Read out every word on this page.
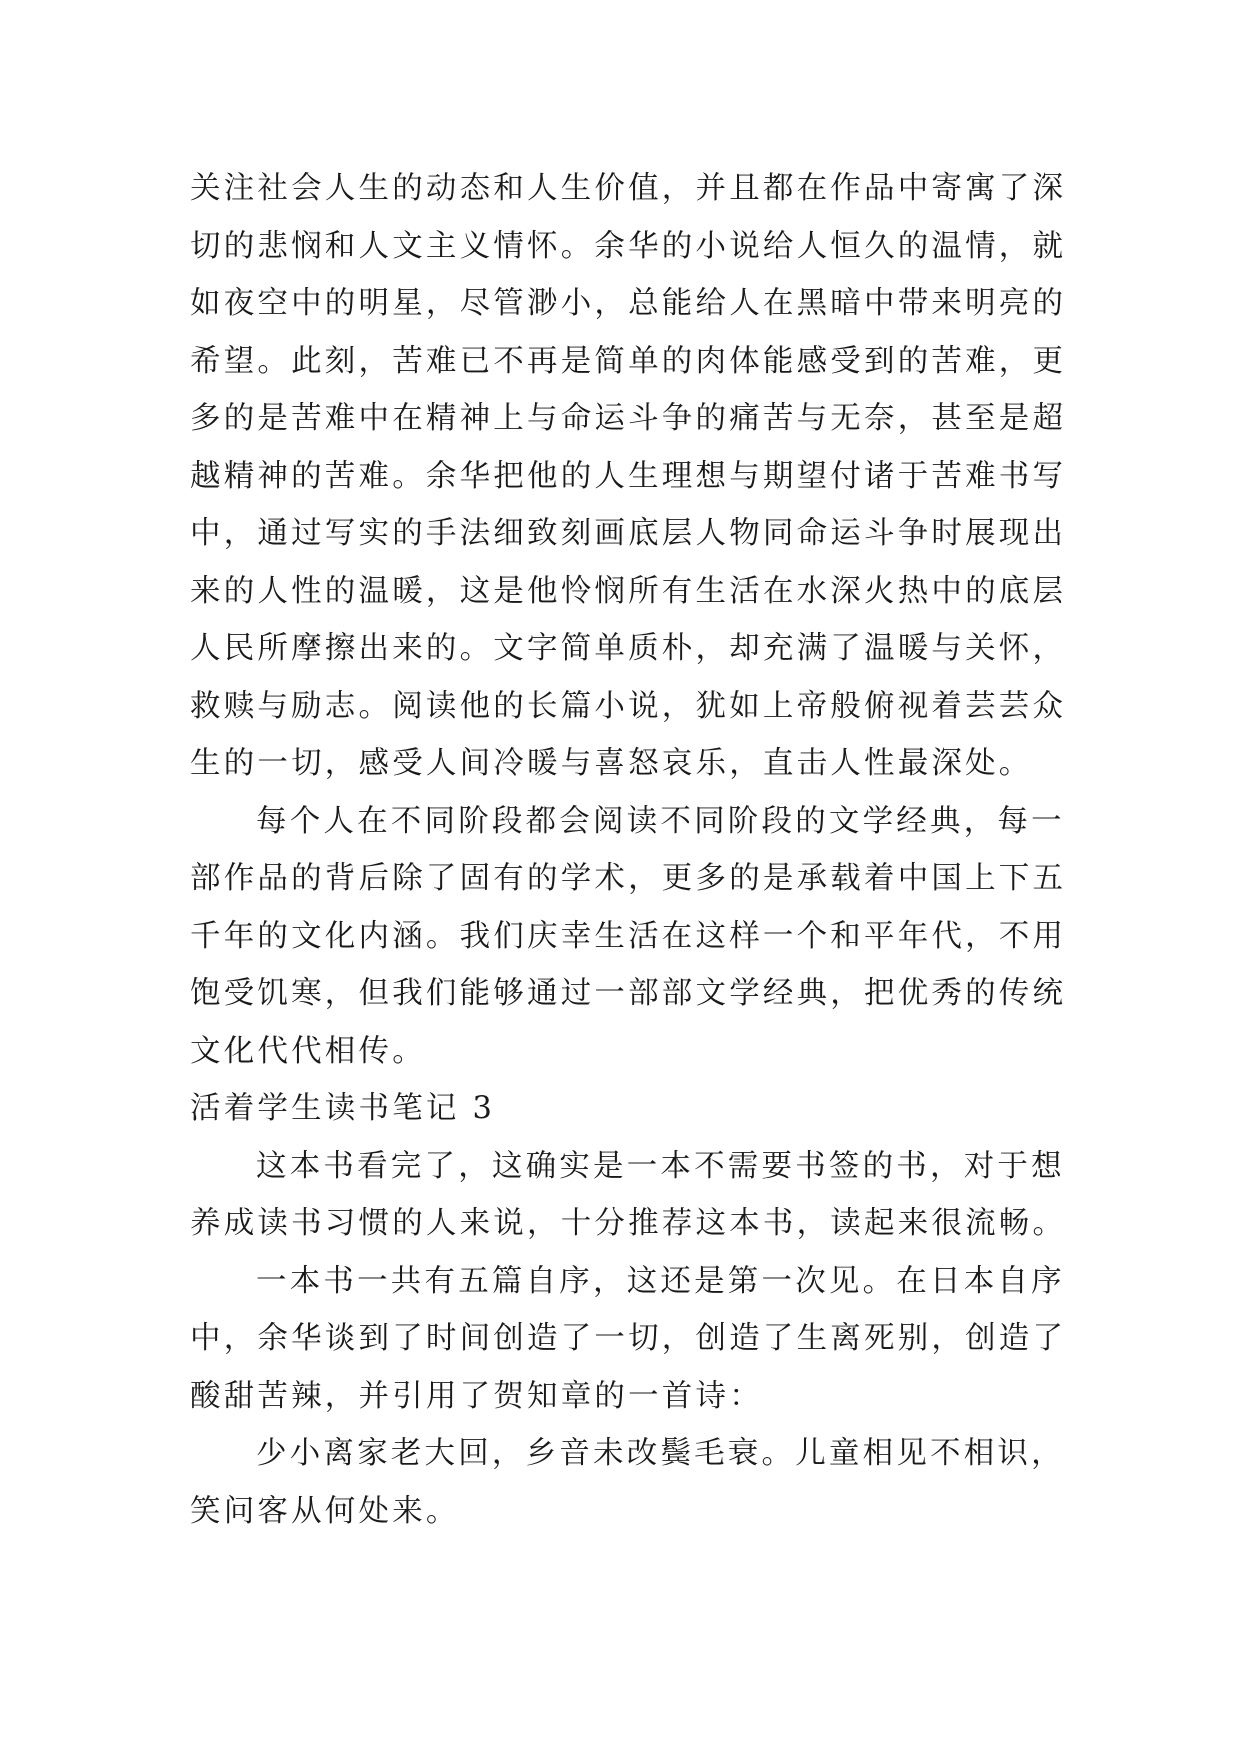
关注社会人生的动态和人生价值，并且都在作品中寄寓了深
切的悲悯和人文主义情怀。余华的小说给人恒久的温情，就
如夜空中的明星，尽管渺小，总能给人在黑暗中带来明亮的
希望。此刻，苦难已不再是简单的肉体能感受到的苦难，更
多的是苦难中在精神上与命运斗争的痛苦与无奈，甚至是超
越精神的苦难。余华把他的人生理想与期望付诸于苦难书写
中，通过写实的手法细致刻画底层人物同命运斗争时展现出
来的人性的温暖，这是他怜悯所有生活在水深火热中的底层
人民所摩擦出来的。文字简单质朴，却充满了温暖与关怀，
救赎与励志。阅读他的长篇小说，犹如上帝般俯视着芸芸众
生的一切，感受人间冷暖与喜怒哀乐，直击人性最深处。
每个人在不同阶段都会阅读不同阶段的文学经典，每一
部作品的背后除了固有的学术，更多的是承载着中国上下五
千年的文化内涵。我们庆幸生活在这样一个和平年代，不用
饱受饥寒，但我们能够通过一部部文学经典，把优秀的传统
文化代代相传。
活着学生读书笔记 3
这本书看完了，这确实是一本不需要书签的书，对于想
养成读书习惯的人来说，十分推荐这本书，读起来很流畅。
一本书一共有五篇自序，这还是第一次见。在日本自序
中，余华谈到了时间创造了一切，创造了生离死别，创造了
酸甜苦辣，并引用了贺知章的一首诗：
少小离家老大回，乡音未改鬓毛衰。儿童相见不相识，
笑问客从何处来。
